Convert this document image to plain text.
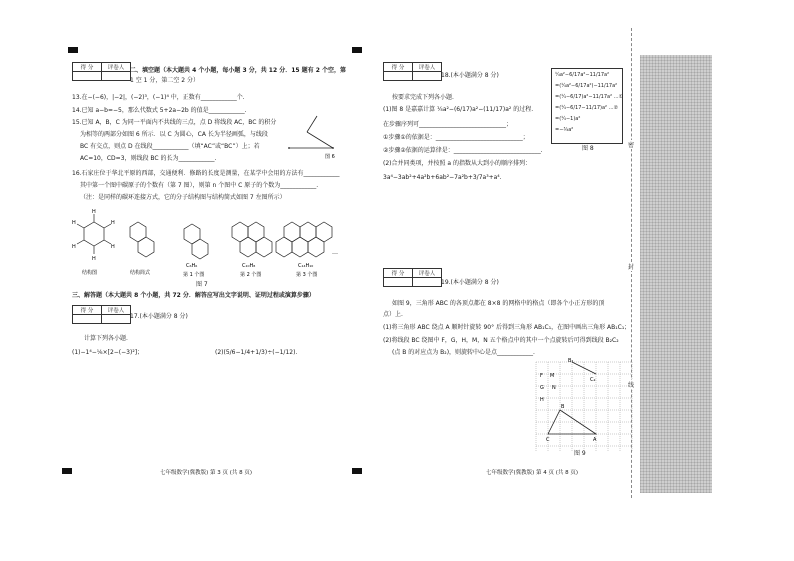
得 分	评卷人
	二、填空题（本大题共 4 个小题，每小题 3 分，共 12 分．15 题有 2 个空，第
1 空 1 分，第二空 2 分）
13.在−(−6)，|−2|，(−2)³，(−1)⁴ 中，正数有____________个.
14.已知 a−b=−5，那么代数式 5+2a−2b 的值是____________.
15.已知 A，B，C 为同一平面内不共线的三点，点 D 将线段 AC，BC 的积分
为相等的两部分如图 6 所示．以 C 为圆心，CA 长为半径画弧，与线段
BC 有交点，则点 D 在线段____________（填“AC”或“BC”）上；若
AC=10，CD=3，则线段 BC 的长为____________.	图 6
16.石家庄位于华北平原的西部，交通便利．修路的长度是测量，在某学中会用的方法有____________
其中第一个图中碳原子的个数有（第 7 图），则第 n 个图中 C 原子的个数为____________.
（注：是同样的碳环连接方式，它的分子结构图与结构简式如图 7 左图所示）
H
H
H
H
H
H
结构图	结构简式
C₆H₆
第 1 个图
C₁₀H₈
第 2 个图
C₁₄H₁₀
第 3 个图
…
图 7
三、解答题（本大题共 8 个小题，共 72 分．解答应写出文字说明、证明过程或演算步骤）
得 分	评卷人

17.(本小题满分 8 分)
计算下列各小题.
(1)−1⁴−⅙×[2−(−3)²]；	(2)(5/6−1/4+1/3)÷(−1/12).
七年级数学(冀教版) 第 3 页 (共 8 页)
得 分	评卷人

18.(本小题满分 8 分)
按要求完成下列各小题.
(1)图 8 是嘉嘉计算 ¼a²−(6/17)a²−(11/17)a² 的过程.
在步骤序列可_____________________________；
①步骤①的依据是：_____________________________；
②步骤②依据的运算律是：_____________________________.
(2)合并同类项，并按照 a 的指数从大到小的顺序排列：
3a⁴−3ab²+4a²b+6ab²−7a²b+3/7a³+a⁴.
¼a²−6/17a²−11/17a²
=(¼a²−6/17a²)−11/17a²
=(¼−6/17)a²−11/17a² …①
=(¼−6/17−11/17)a² …②
=(¼−1)a²
=−¾a²
图 8
得 分	评卷人

19.(本小题满分 8 分)
如图 9，三角形 ABC 的各顶点都在 8×8 的网格中的格点（即各个小正方形的顶
点）上.
(1)将三角形 ABC 绕点 A 顺时针旋转 90° 后得到三角形 AB₁C₁，在图中画出三角形 AB₁C₁；
(2)将线段 BC 绕图中 F，G，H，M，N 五个格点中的其中一个点旋转后可得到线段 B₂C₂
(点 B 的对应点为 B₂)，则旋转中心是点____________.
F
G
M
H
N
B
A
C
B₂
C₂
图 9
七年级数学(冀教版) 第 4 页 (共 8 页)
密
封
线
